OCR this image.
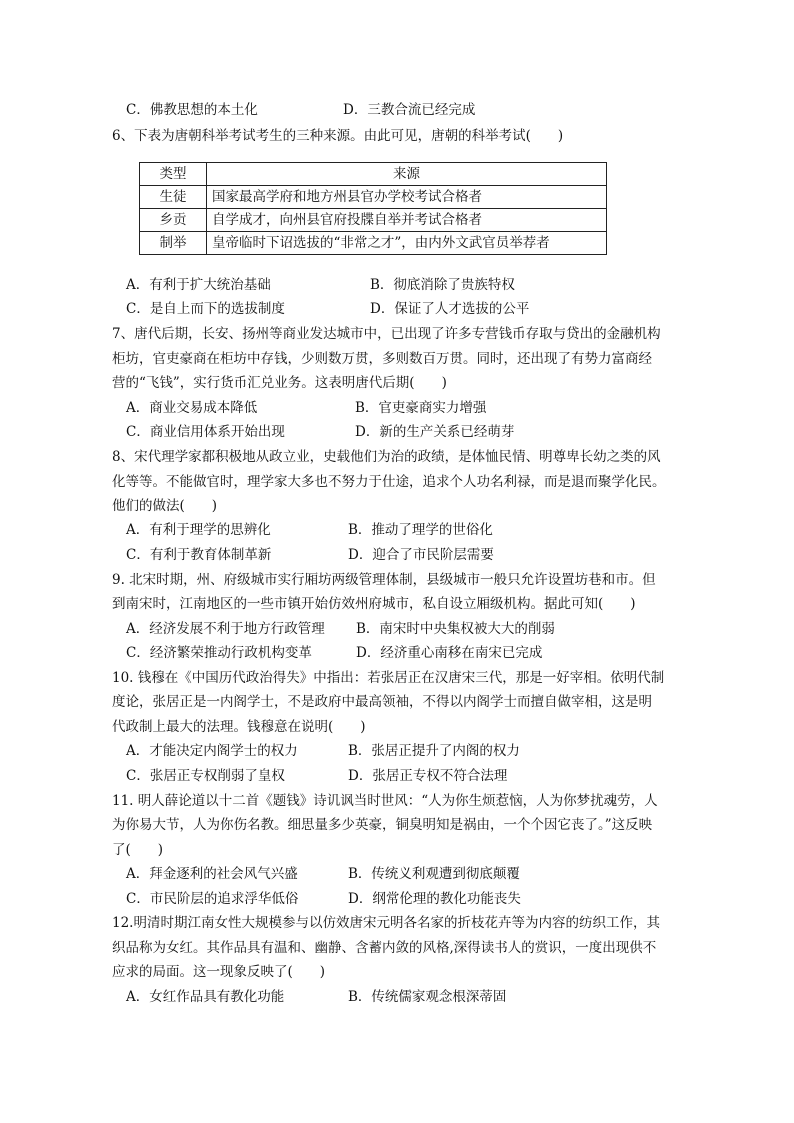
C．佛教思想的本土化	D．三教合流已经完成
6、下表为唐朝科举考试考生的三种来源。由此可见，唐朝的科举考试(　　)
类型	来源
生徒	国家最高学府和地方州县官办学校考试合格者
乡贡	自学成才，向州县官府投牒自举并考试合格者
制举	皇帝临时下诏选拔的“非常之才”，由内外文武官员举荐者
A．有利于扩大统治基础	B．彻底消除了贵族特权
C．是自上而下的选拔制度	D．保证了人才选拔的公平
7、唐代后期，长安、扬州等商业发达城市中，已出现了许多专营钱币存取与贷出的金融机构
柜坊，官吏豪商在柜坊中存钱，少则数万贯，多则数百万贯。同时，还出现了有势力富商经
营的“飞钱”，实行货币汇兑业务。这表明唐代后期(　　)
A．商业交易成本降低	B．官吏豪商实力增强
C．商业信用体系开始出现	D．新的生产关系已经萌芽
8、宋代理学家都积极地从政立业，史载他们为治的政绩，是体恤民情、明尊卑长幼之类的风
化等等。不能做官时，理学家大多也不努力于仕途，追求个人功名利禄，而是退而聚学化民。
他们的做法(　　)
A．有利于理学的思辨化	B．推动了理学的世俗化
C．有利于教育体制革新	D．迎合了市民阶层需要
9. 北宋时期，州、府级城市实行厢坊两级管理体制，县级城市一般只允许设置坊巷和市。但
到南宋时，江南地区的一些市镇开始仿效州府城市，私自设立厢级机构。据此可知(　　)
A．经济发展不利于地方行政管理 B．南宋时中央集权被大大的削弱
C．经济繁荣推动行政机构变革	D．经济重心南移在南宋已完成
10. 钱穆在《中国历代政治得失》中指出：若张居正在汉唐宋三代，那是一好宰相。依明代制
度论，张居正是一内阁学士，不是政府中最高领袖，不得以内阁学士而擅自做宰相，这是明
代政制上最大的法理。钱穆意在说明(　　)
A．才能决定内阁学士的权力	B．张居正提升了内阁的权力
C．张居正专权削弱了皇权	D．张居正专权不符合法理
11. 明人薛论道以十二首《题钱》诗讥讽当时世风：“人为你生烦惹恼，人为你梦扰魂劳，人
为你易大节，人为你伤名教。细思量多少英豪，铜臭明知是祸由，一个个因它丧了。”这反映
了(　　)
A．拜金逐利的社会风气兴盛	B．传统义利观遭到彻底颠覆
C．市民阶层的追求浮华低俗	D．纲常伦理的教化功能丧失
12.明清时期江南女性大规模参与以仿效唐宋元明各名家的折枝花卉等为内容的纺织工作，其
织品称为女红。其作品具有温和、幽静、含蓄内敛的风格,深得读书人的赏识，一度出现供不
应求的局面。这一现象反映了(　　)
A．女红作品具有教化功能	B．传统儒家观念根深蒂固
